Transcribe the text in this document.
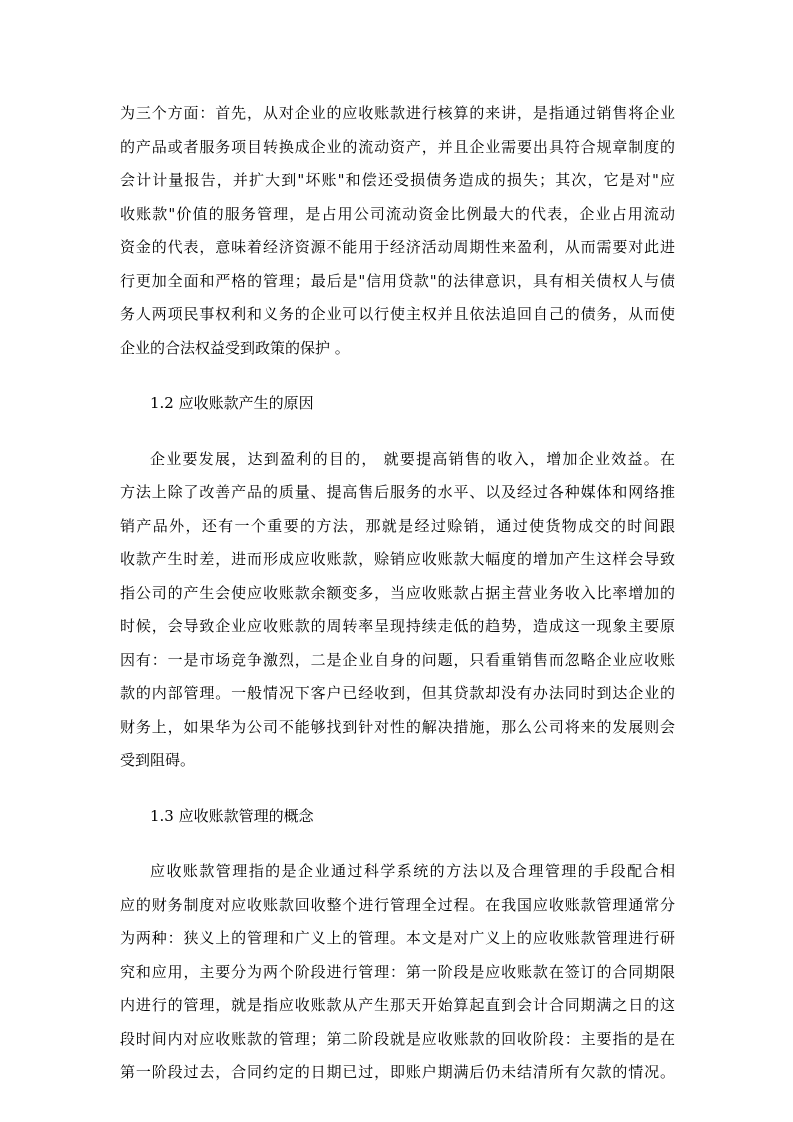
为三个方面：首先，从对企业的应收账款进行核算的来讲，是指通过销售将企业
的产品或者服务项目转换成企业的流动资产，并且企业需要出具符合规章制度的
会计计量报告，并扩大到"坏账"和偿还受损债务造成的损失；其次，它是对"应
收账款"价值的服务管理，是占用公司流动资金比例最大的代表，企业占用流动
资金的代表，意味着经济资源不能用于经济活动周期性来盈利，从而需要对此进
行更加全面和严格的管理；最后是"信用贷款"的法律意识，具有相关债权人与债
务人两项民事权利和义务的企业可以行使主权并且依法追回自己的债务，从而使
企业的合法权益受到政策的保护 。
1.2 应收账款产生的原因
企业要发展，达到盈利的目的， 就要提高销售的收入，增加企业效益。在
方法上除了改善产品的质量、提高售后服务的水平、以及经过各种媒体和网络推
销产品外，还有一个重要的方法，那就是经过赊销，通过使货物成交的时间跟
收款产生时差，进而形成应收账款，赊销应收账款大幅度的增加产生这样会导致
指公司的产生会使应收账款余额变多，当应收账款占据主营业务收入比率增加的
时候，会导致企业应收账款的周转率呈现持续走低的趋势，造成这一现象主要原
因有：一是市场竞争激烈，二是企业自身的问题，只看重销售而忽略企业应收账
款的内部管理。一般情况下客户已经收到，但其贷款却没有办法同时到达企业的
财务上，如果华为公司不能够找到针对性的解决措施，那么公司将来的发展则会
受到阻碍。
1.3 应收账款管理的概念
应收账款管理指的是企业通过科学系统的方法以及合理管理的手段配合相
应的财务制度对应收账款回收整个进行管理全过程。在我国应收账款管理通常分
为两种：狭义上的管理和广义上的管理。本文是对广义上的应收账款管理进行研
究和应用，主要分为两个阶段进行管理：第一阶段是应收账款在签订的合同期限
内进行的管理，就是指应收账款从产生那天开始算起直到会计合同期满之日的这
段时间内对应收账款的管理；第二阶段就是应收账款的回收阶段：主要指的是在
第一阶段过去，合同约定的日期已过，即账户期满后仍未结清所有欠款的情况。
